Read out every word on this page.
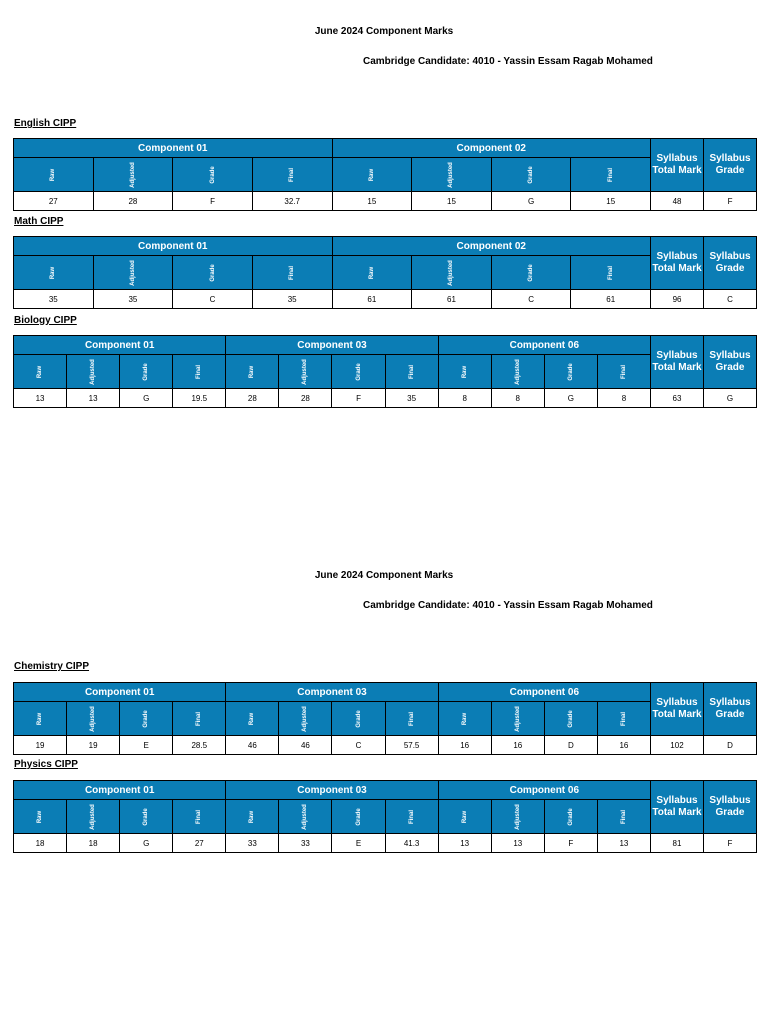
June 2024 Component Marks
Cambridge Candidate: 4010 - Yassin Essam Ragab Mohamed
June 2024 Component Marks
Cambridge Candidate: 4010 - Yassin Essam Ragab Mohamed
English CIPP
Component 01				Component 02				Syllabus Total Mark	Syllabus Grade

Raw	Adjusted	Grade	Final	Raw	Adjusted	Grade	Final		

27	28	F	32.7	15	15	G	15	48	F
Math CIPP
Component 01				Component 02				Syllabus Total Mark	Syllabus Grade

Raw	Adjusted	Grade	Final	Raw	Adjusted	Grade	Final		

35	35	C	35	61	61	C	61	96	C
Biology CIPP
Component 01				Component 03				Component 06				Syllabus Total Mark	Syllabus Grade

Raw	Adjusted	Grade	Final	Raw	Adjusted	Grade	Final	Raw	Adjusted	Grade	Final		

13	13	G	19.5	28	28	F	35	8	8	G	8	63	G
Chemistry CIPP
Component 01				Component 03				Component 06				Syllabus Total Mark	Syllabus Grade

Raw	Adjusted	Grade	Final	Raw	Adjusted	Grade	Final	Raw	Adjusted	Grade	Final		

19	19	E	28.5	46	46	C	57.5	16	16	D	16	102	D
Physics CIPP
Component 01				Component 03				Component 06				Syllabus Total Mark	Syllabus Grade

Raw	Adjusted	Grade	Final	Raw	Adjusted	Grade	Final	Raw	Adjusted	Grade	Final		

18	18	G	27	33	33	E	41.3	13	13	F	13	81	F
